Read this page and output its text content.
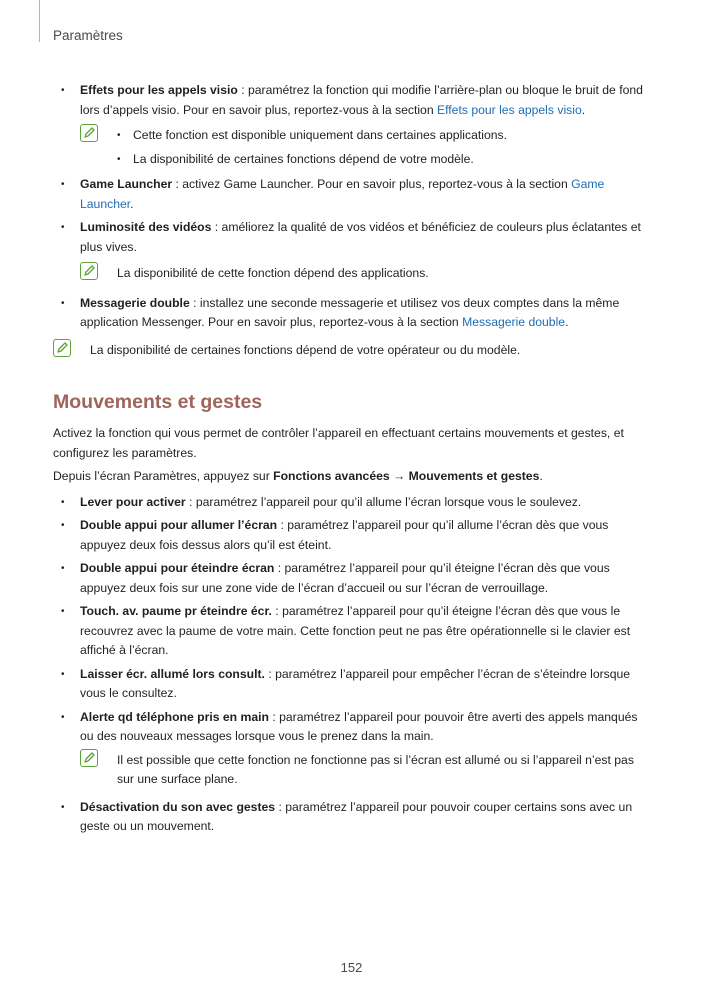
Paramètres
• Effets pour les appels visio : paramétrez la fonction qui modifie l’arrière-plan ou bloque le bruit de fond lors d’appels visio. Pour en savoir plus, reportez-vous à la section Effets pour les appels visio.
• Cette fonction est disponible uniquement dans certaines applications.
• La disponibilité de certaines fonctions dépend de votre modèle.
• Game Launcher : activez Game Launcher. Pour en savoir plus, reportez-vous à la section Game Launcher.
• Luminosité des vidéos : améliorez la qualité de vos vidéos et bénéficiez de couleurs plus éclatantes et plus vives.
La disponibilité de cette fonction dépend des applications.
• Messagerie double : installez une seconde messagerie et utilisez vos deux comptes dans la même application Messenger. Pour en savoir plus, reportez-vous à la section Messagerie double.
La disponibilité de certaines fonctions dépend de votre opérateur ou du modèle.
Mouvements et gestes

Activez la fonction qui vous permet de contrôler l’appareil en effectuant certains mouvements et gestes, et configurez les paramètres.

Depuis l’écran Paramètres, appuyez sur Fonctions avancées → Mouvements et gestes.

• Lever pour activer : paramétrez l’appareil pour qu’il allume l’écran lorsque vous le soulevez.
• Double appui pour allumer l’écran : paramétrez l’appareil pour qu’il allume l’écran dès que vous appuyez deux fois dessus alors qu’il est éteint.
• Double appui pour éteindre écran : paramétrez l’appareil pour qu’il éteigne l’écran dès que vous appuyez deux fois sur une zone vide de l’écran d’accueil ou sur l’écran de verrouillage.
• Touch. av. paume pr éteindre écr. : paramétrez l’appareil pour qu’il éteigne l’écran dès que vous le recouvrez avec la paume de votre main. Cette fonction peut ne pas être opérationnelle si le clavier est affiché à l’écran.
• Laisser écr. allumé lors consult. : paramétrez l’appareil pour empêcher l’écran de s’éteindre lorsque vous le consultez.
• Alerte qd téléphone pris en main : paramétrez l’appareil pour pouvoir être averti des appels manqués ou des nouveaux messages lorsque vous le prenez dans la main.
Il est possible que cette fonction ne fonctionne pas si l’écran est allumé ou si l’appareil n’est pas sur une surface plane.
• Désactivation du son avec gestes : paramétrez l’appareil pour pouvoir couper certains sons avec un geste ou un mouvement.
152
